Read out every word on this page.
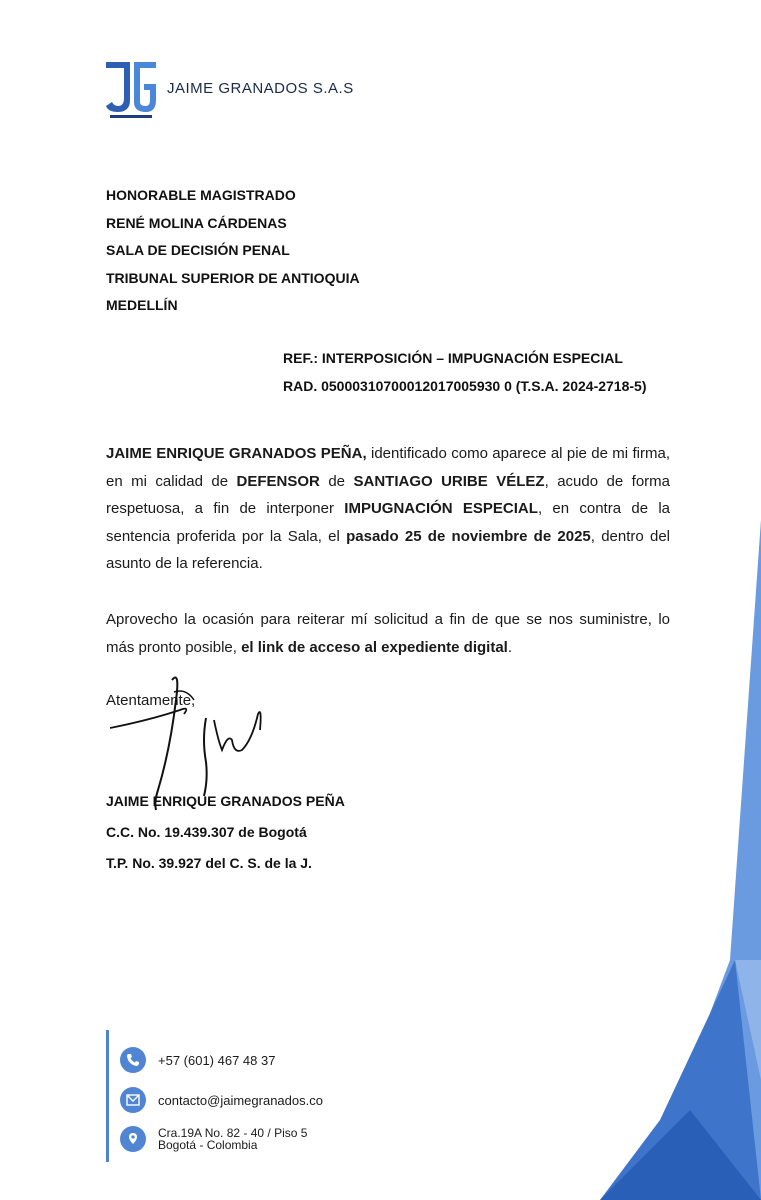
JAIME GRANADOS S.A.S
HONORABLE MAGISTRADO
RENÉ MOLINA CÁRDENAS
SALA DE DECISIÓN PENAL
TRIBUNAL SUPERIOR DE ANTIOQUIA
MEDELLÍN
REF.: INTERPOSICIÓN – IMPUGNACIÓN ESPECIAL
RAD. 05000310700012017005930 0 (T.S.A. 2024-2718-5)
JAIME ENRIQUE GRANADOS PEÑA, identificado como aparece al pie de mi firma, en mi calidad de DEFENSOR de SANTIAGO URIBE VÉLEZ, acudo de forma respetuosa, a fin de interponer IMPUGNACIÓN ESPECIAL, en contra de la sentencia proferida por la Sala, el pasado 25 de noviembre de 2025, dentro del asunto de la referencia.
Aprovecho la ocasión para reiterar mí solicitud a fin de que se nos suministre, lo más pronto posible, el link de acceso al expediente digital.
Atentamente,
JAIME ENRIQUE GRANADOS PEÑA
C.C. No. 19.439.307 de Bogotá
T.P. No. 39.927 del C. S. de la J.
+57 (601) 467 48 37
contacto@jaimegranados.co
Cra.19A No. 82 - 40 / Piso 5
Bogotá - Colombia
